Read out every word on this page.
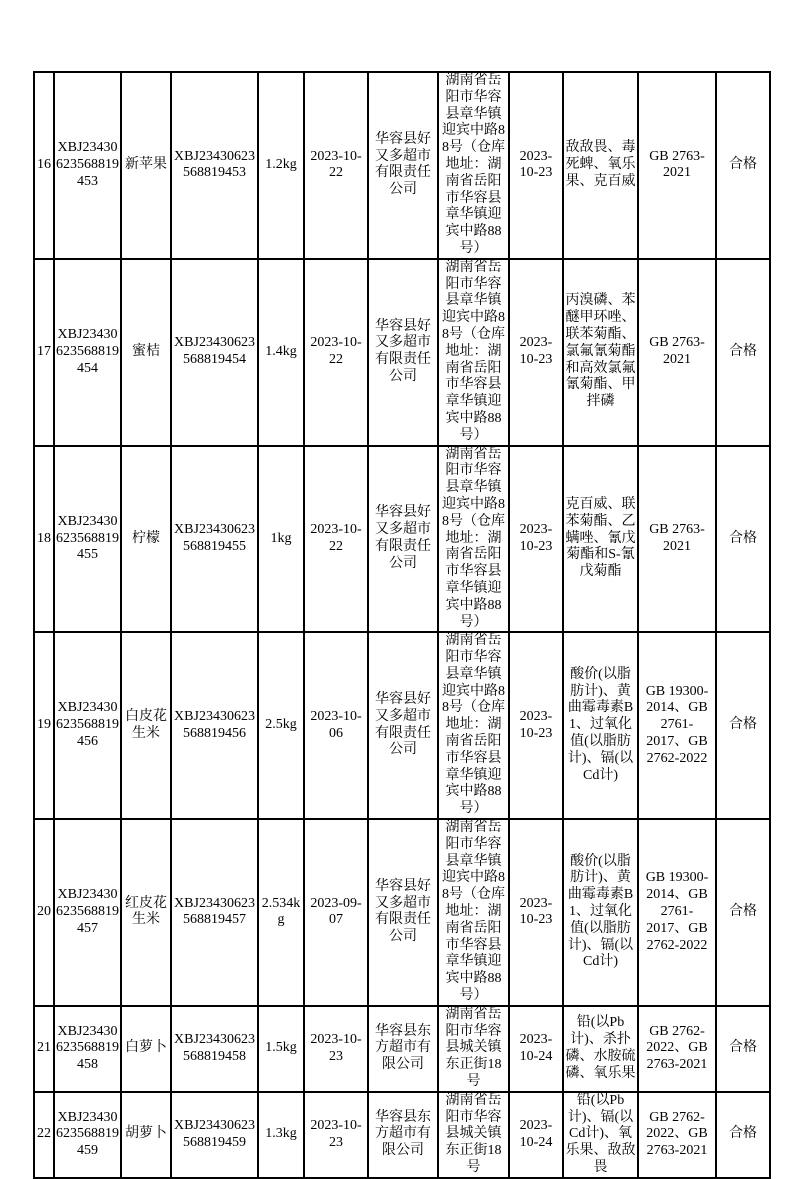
16	XBJ23430623568819453	新苹果	XBJ23430623568819453	1.2kg	2023-10-22	华容县好又多超市有限责任公司	湖南省岳阳市华容县章华镇迎宾中路88号（仓库地址：湖南省岳阳市华容县章华镇迎宾中路88号）	2023-10-23	敌敌畏、毒死蜱、氧乐果、克百威	GB 2763-2021	合格
17	XBJ23430623568819454	蜜桔	XBJ23430623568819454	1.4kg	2023-10-22	华容县好又多超市有限责任公司	湖南省岳阳市华容县章华镇迎宾中路88号（仓库地址：湖南省岳阳市华容县章华镇迎宾中路88号）	2023-10-23	丙溴磷、苯醚甲环唑、联苯菊酯、氯氟氰菊酯和高效氯氟氰菊酯、甲拌磷	GB 2763-2021	合格
18	XBJ23430623568819455	柠檬	XBJ23430623568819455	1kg	2023-10-22	华容县好又多超市有限责任公司	湖南省岳阳市华容县章华镇迎宾中路88号（仓库地址：湖南省岳阳市华容县章华镇迎宾中路88号）	2023-10-23	克百威、联苯菊酯、乙螨唑、氰戊菊酯和S-氰戊菊酯	GB 2763-2021	合格
19	XBJ23430623568819456	白皮花生米	XBJ23430623568819456	2.5kg	2023-10-06	华容县好又多超市有限责任公司	湖南省岳阳市华容县章华镇迎宾中路88号（仓库地址：湖南省岳阳市华容县章华镇迎宾中路88号）	2023-10-23	酸价(以脂肪计)、黄曲霉毒素B1、过氧化值(以脂肪计)、镉(以Cd计)	GB 19300-2014、GB 2761-2017、GB 2762-2022	合格
20	XBJ23430623568819457	红皮花生米	XBJ23430623568819457	2.534kg	2023-09-07	华容县好又多超市有限责任公司	湖南省岳阳市华容县章华镇迎宾中路88号（仓库地址：湖南省岳阳市华容县章华镇迎宾中路88号）	2023-10-23	酸价(以脂肪计)、黄曲霉毒素B1、过氧化值(以脂肪计)、镉(以Cd计)	GB 19300-2014、GB 2761-2017、GB 2762-2022	合格
21	XBJ23430623568819458	白萝卜	XBJ23430623568819458	1.5kg	2023-10-23	华容县东方超市有限公司	湖南省岳阳市华容县城关镇东正街18号	2023-10-24	铅(以Pb计)、杀扑磷、水胺硫磷、氧乐果	GB 2762-2022、GB 2763-2021	合格
22	XBJ23430623568819459	胡萝卜	XBJ23430623568819459	1.3kg	2023-10-23	华容县东方超市有限公司	湖南省岳阳市华容县城关镇东正街18号	2023-10-24	铅(以Pb计)、镉(以Cd计)、氧乐果、敌敌畏	GB 2762-2022、GB 2763-2021	合格
